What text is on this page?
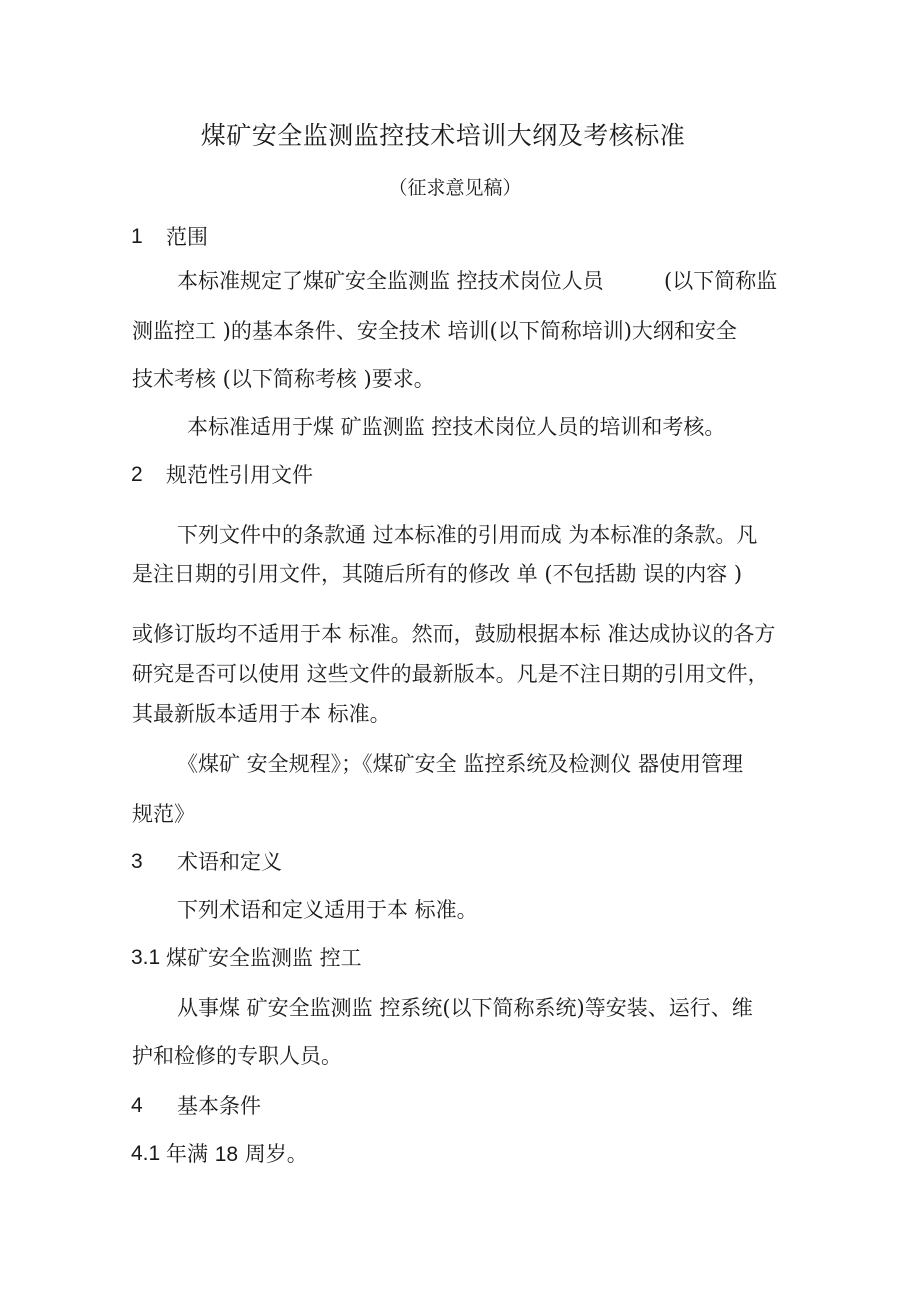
煤矿安全监测监控技术培训大纲及考核标准
（征求意见稿）
1 范围
本标准规定了煤矿安全监测监 控技术岗位人员	(以下简称监
测监控工 )的基本条件、安全技术 培训(以下简称培训)大纲和安全
技术考核 (以下简称考核 )要求。
本标准适用于煤 矿监测监 控技术岗位人员的培训和考核。
2 规范性引用文件
下列文件中的条款通 过本标准的引用而成 为本标准的条款。凡
是注日期的引用文件，其随后所有的修改 单 (不包括勘 误的内容 )
或修订版均不适用于本 标准。然而，鼓励根据本标 准达成协议的各方
研究是否可以使用 这些文件的最新版本。凡是不注日期的引用文件，
其最新版本适用于本 标准。
《煤矿 安全规程》；《煤矿安全 监控系统及检测仪 器使用管理
规范》
3 术语和定义
下列术语和定义适用于本 标准。
3.1 煤矿安全监测监 控工
从事煤 矿安全监测监 控系统(以下简称系统)等安装、运行、维
护和检修的专职人员。
4 基本条件
4.1 年满 18 周岁。
